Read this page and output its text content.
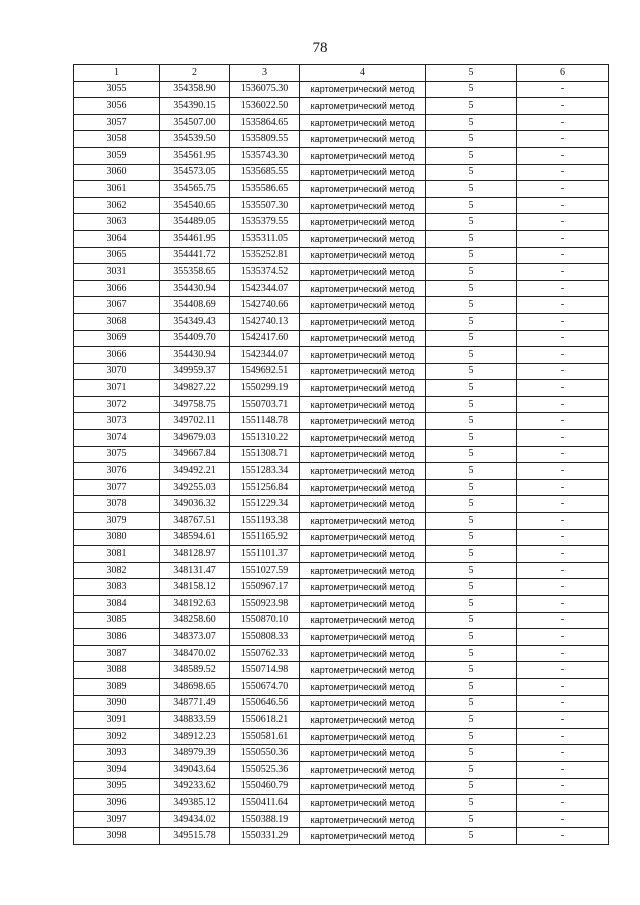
78
1	2	3	4	5	6
3055	354358.90	1536075.30	картометрический метод	5	-
3056	354390.15	1536022.50	картометрический метод	5	-
3057	354507.00	1535864.65	картометрический метод	5	-
3058	354539.50	1535809.55	картометрический метод	5	-
3059	354561.95	1535743.30	картометрический метод	5	-
3060	354573.05	1535685.55	картометрический метод	5	-
3061	354565.75	1535586.65	картометрический метод	5	-
3062	354540.65	1535507.30	картометрический метод	5	-
3063	354489.05	1535379.55	картометрический метод	5	-
3064	354461.95	1535311.05	картометрический метод	5	-
3065	354441.72	1535252.81	картометрический метод	5	-
3031	355358.65	1535374.52	картометрический метод	5	-
3066	354430.94	1542344.07	картометрический метод	5	-
3067	354408.69	1542740.66	картометрический метод	5	-
3068	354349.43	1542740.13	картометрический метод	5	-
3069	354409.70	1542417.60	картометрический метод	5	-
3066	354430.94	1542344.07	картометрический метод	5	-
3070	349959.37	1549692.51	картометрический метод	5	-
3071	349827.22	1550299.19	картометрический метод	5	-
3072	349758.75	1550703.71	картометрический метод	5	-
3073	349702.11	1551148.78	картометрический метод	5	-
3074	349679.03	1551310.22	картометрический метод	5	-
3075	349667.84	1551308.71	картометрический метод	5	-
3076	349492.21	1551283.34	картометрический метод	5	-
3077	349255.03	1551256.84	картометрический метод	5	-
3078	349036.32	1551229.34	картометрический метод	5	-
3079	348767.51	1551193.38	картометрический метод	5	-
3080	348594.61	1551165.92	картометрический метод	5	-
3081	348128.97	1551101.37	картометрический метод	5	-
3082	348131.47	1551027.59	картометрический метод	5	-
3083	348158.12	1550967.17	картометрический метод	5	-
3084	348192.63	1550923.98	картометрический метод	5	-
3085	348258.60	1550870.10	картометрический метод	5	-
3086	348373.07	1550808.33	картометрический метод	5	-
3087	348470.02	1550762.33	картометрический метод	5	-
3088	348589.52	1550714.98	картометрический метод	5	-
3089	348698.65	1550674.70	картометрический метод	5	-
3090	348771.49	1550646.56	картометрический метод	5	-
3091	348833.59	1550618.21	картометрический метод	5	-
3092	348912.23	1550581.61	картометрический метод	5	-
3093	348979.39	1550550.36	картометрический метод	5	-
3094	349043.64	1550525.36	картометрический метод	5	-
3095	349233.62	1550460.79	картометрический метод	5	-
3096	349385.12	1550411.64	картометрический метод	5	-
3097	349434.02	1550388.19	картометрический метод	5	-
3098	349515.78	1550331.29	картометрический метод	5	-
